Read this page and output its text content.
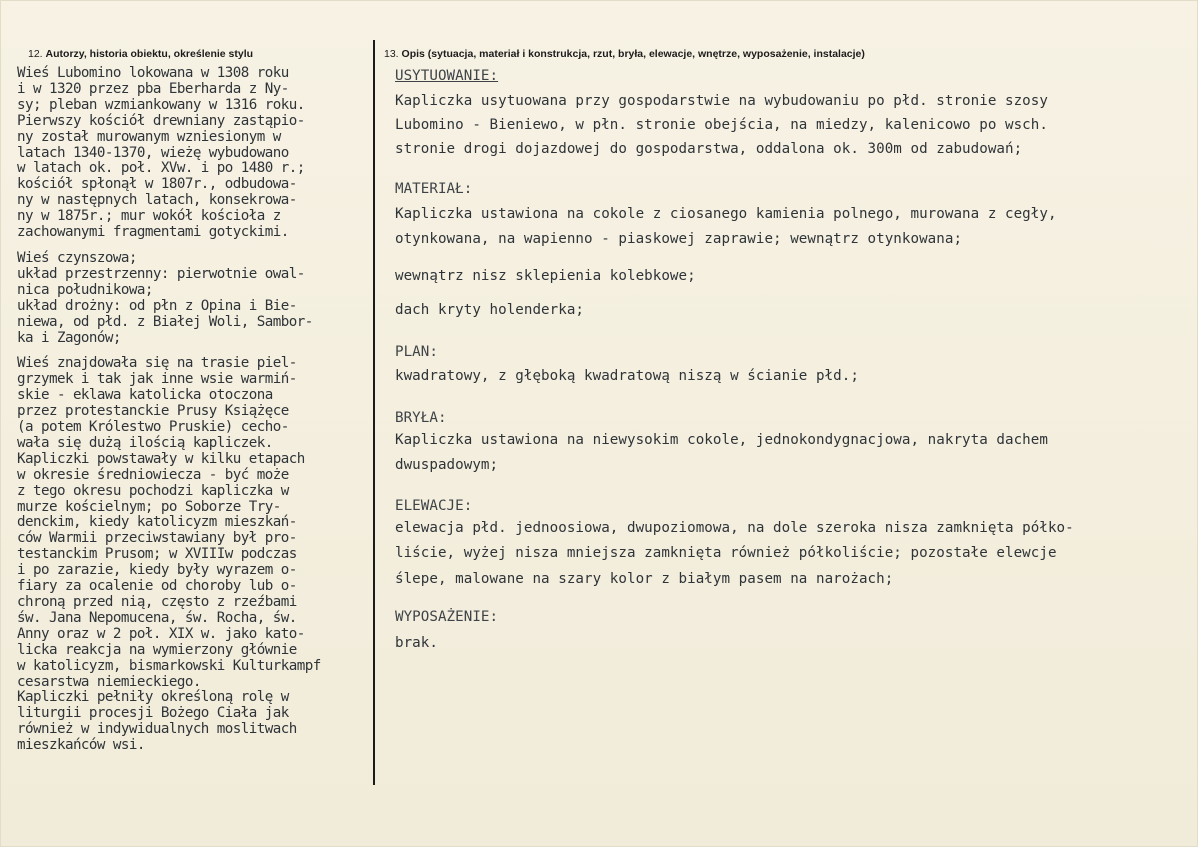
12. Autorzy, historia obiektu, określenie stylu	13. Opis (sytuacja, materiał i konstrukcja, rzut, bryła, elewacje, wnętrze, wyposażenie, instalacje)
Wieś Lubomino lokowana w 1308 roku
i w 1320 przez pba Eberharda z Ny-
sy; pleban wzmiankowany w 1316 roku.
Pierwszy kościół drewniany zastąpio-
ny został murowanym wzniesionym w
latach 1340-1370, wieżę wybudowano
w latach ok. poł. XVw. i po 1480 r.;
kościół spłonął w 1807r., odbudowa-
ny w następnych latach, konsekrowa-
ny w 1875r.; mur wokół kościoła z
zachowanymi fragmentami gotyckimi.
Wieś czynszowa;
układ przestrzenny: pierwotnie owal-
nica południkowa;
układ drożny: od płn z Opina i Bie-
niewa, od płd. z Białej Woli, Sambor-
ka i Zagonów;
Wieś znajdowała się na trasie piel-
grzymek i tak jak inne wsie warmiń-
skie - eklawa katolicka otoczona
przez protestanckie Prusy Książęce
(a potem Królestwo Pruskie) cecho-
wała się dużą ilością kapliczek.
Kapliczki powstawały w kilku etapach
w okresie średniowiecza - być może
z tego okresu pochodzi kapliczka w
murze kościelnym; po Soborze Try-
denckim, kiedy katolicyzm mieszkań-
ców Warmii przeciwstawiany był pro-
testanckim Prusom; w XVIIIw podczas
i po zarazie, kiedy były wyrazem o-
fiary za ocalenie od choroby lub o-
chroną przed nią, często z rzeźbami
św. Jana Nepomucena, św. Rocha, św.
Anny oraz w 2 poł. XIX w. jako kato-
licka reakcja na wymierzony głównie
w katolicyzm, bismarkowski Kulturkampf
cesarstwa niemieckiego.
Kapliczki pełniły określoną rolę w
liturgii procesji Bożego Ciała jak
również w indywidualnych moslitwach
mieszkańców wsi.
USYTUOWANIE:
Kapliczka usytuowana przy gospodarstwie na wybudowaniu po płd. stronie szosy
Lubomino - Bieniewo, w płn. stronie obejścia, na miedzy, kalenicowo po wsch.
stronie drogi dojazdowej do gospodarstwa, oddalona ok. 300m od zabudowań;
MATERIAŁ:
Kapliczka ustawiona na cokole z ciosanego kamienia polnego, murowana z cegły,
otynkowana, na wapienno - piaskowej zaprawie; wewnątrz otynkowana;
wewnątrz nisz sklepienia kolebkowe;
dach kryty holenderka;
PLAN:
kwadratowy, z głęboką kwadratową niszą w ścianie płd.;
BRYŁA:
Kapliczka ustawiona na niewysokim cokole, jednokondygnacjowa, nakryta dachem
dwuspadowym;
ELEWACJE:
elewacja płd. jednoosiowa, dwupoziomowa, na dole szeroka nisza zamknięta półko-
liście, wyżej nisza mniejsza zamknięta również półkoliście; pozostałe elewcje
ślepe, malowane na szary kolor z białym pasem na narożach;
WYPOSAŻENIE:
brak.
